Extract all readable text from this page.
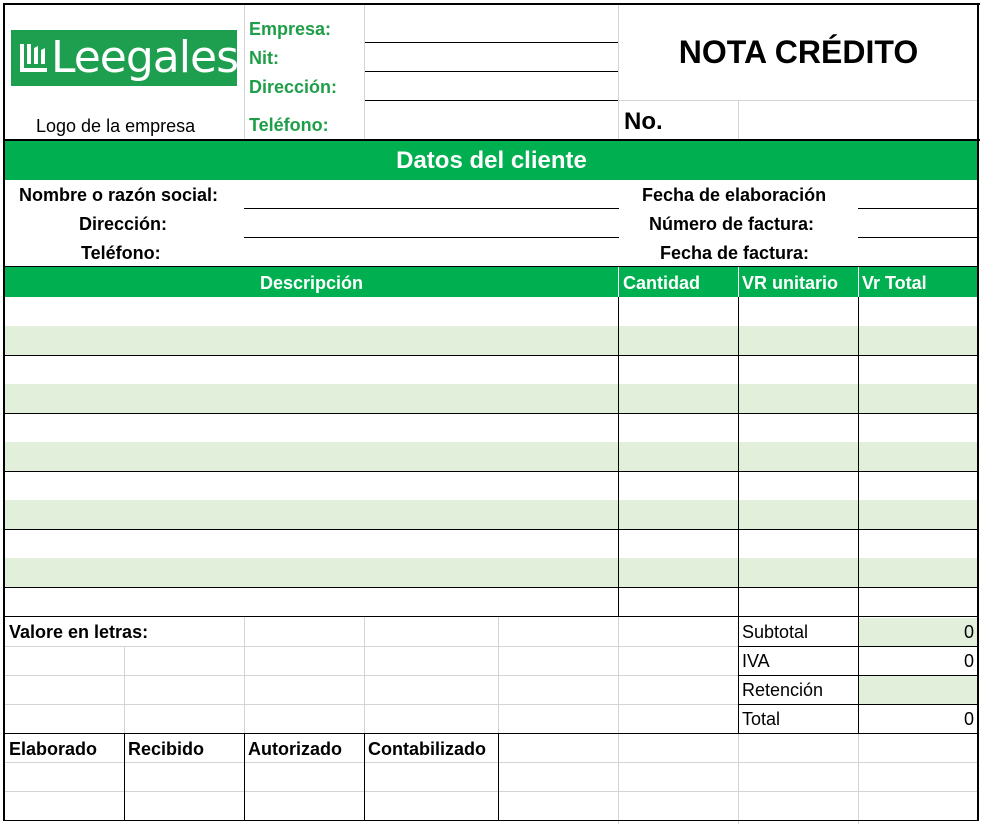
Leegales
Logo de la empresa
Empresa:
Nit:
Dirección:
Teléfono:
NOTA CRÉDITO
No.
Datos del cliente
Nombre o razón social:
Dirección:
Teléfono:
Fecha de elaboración
Número de factura:
Fecha de factura:
Descripción	Cantidad VR unitario Vr Total
Valore en letras:	Subtotal
IVA
Retención
Total
0
0
0
Elaborado Recibido Autorizado Contabilizado
